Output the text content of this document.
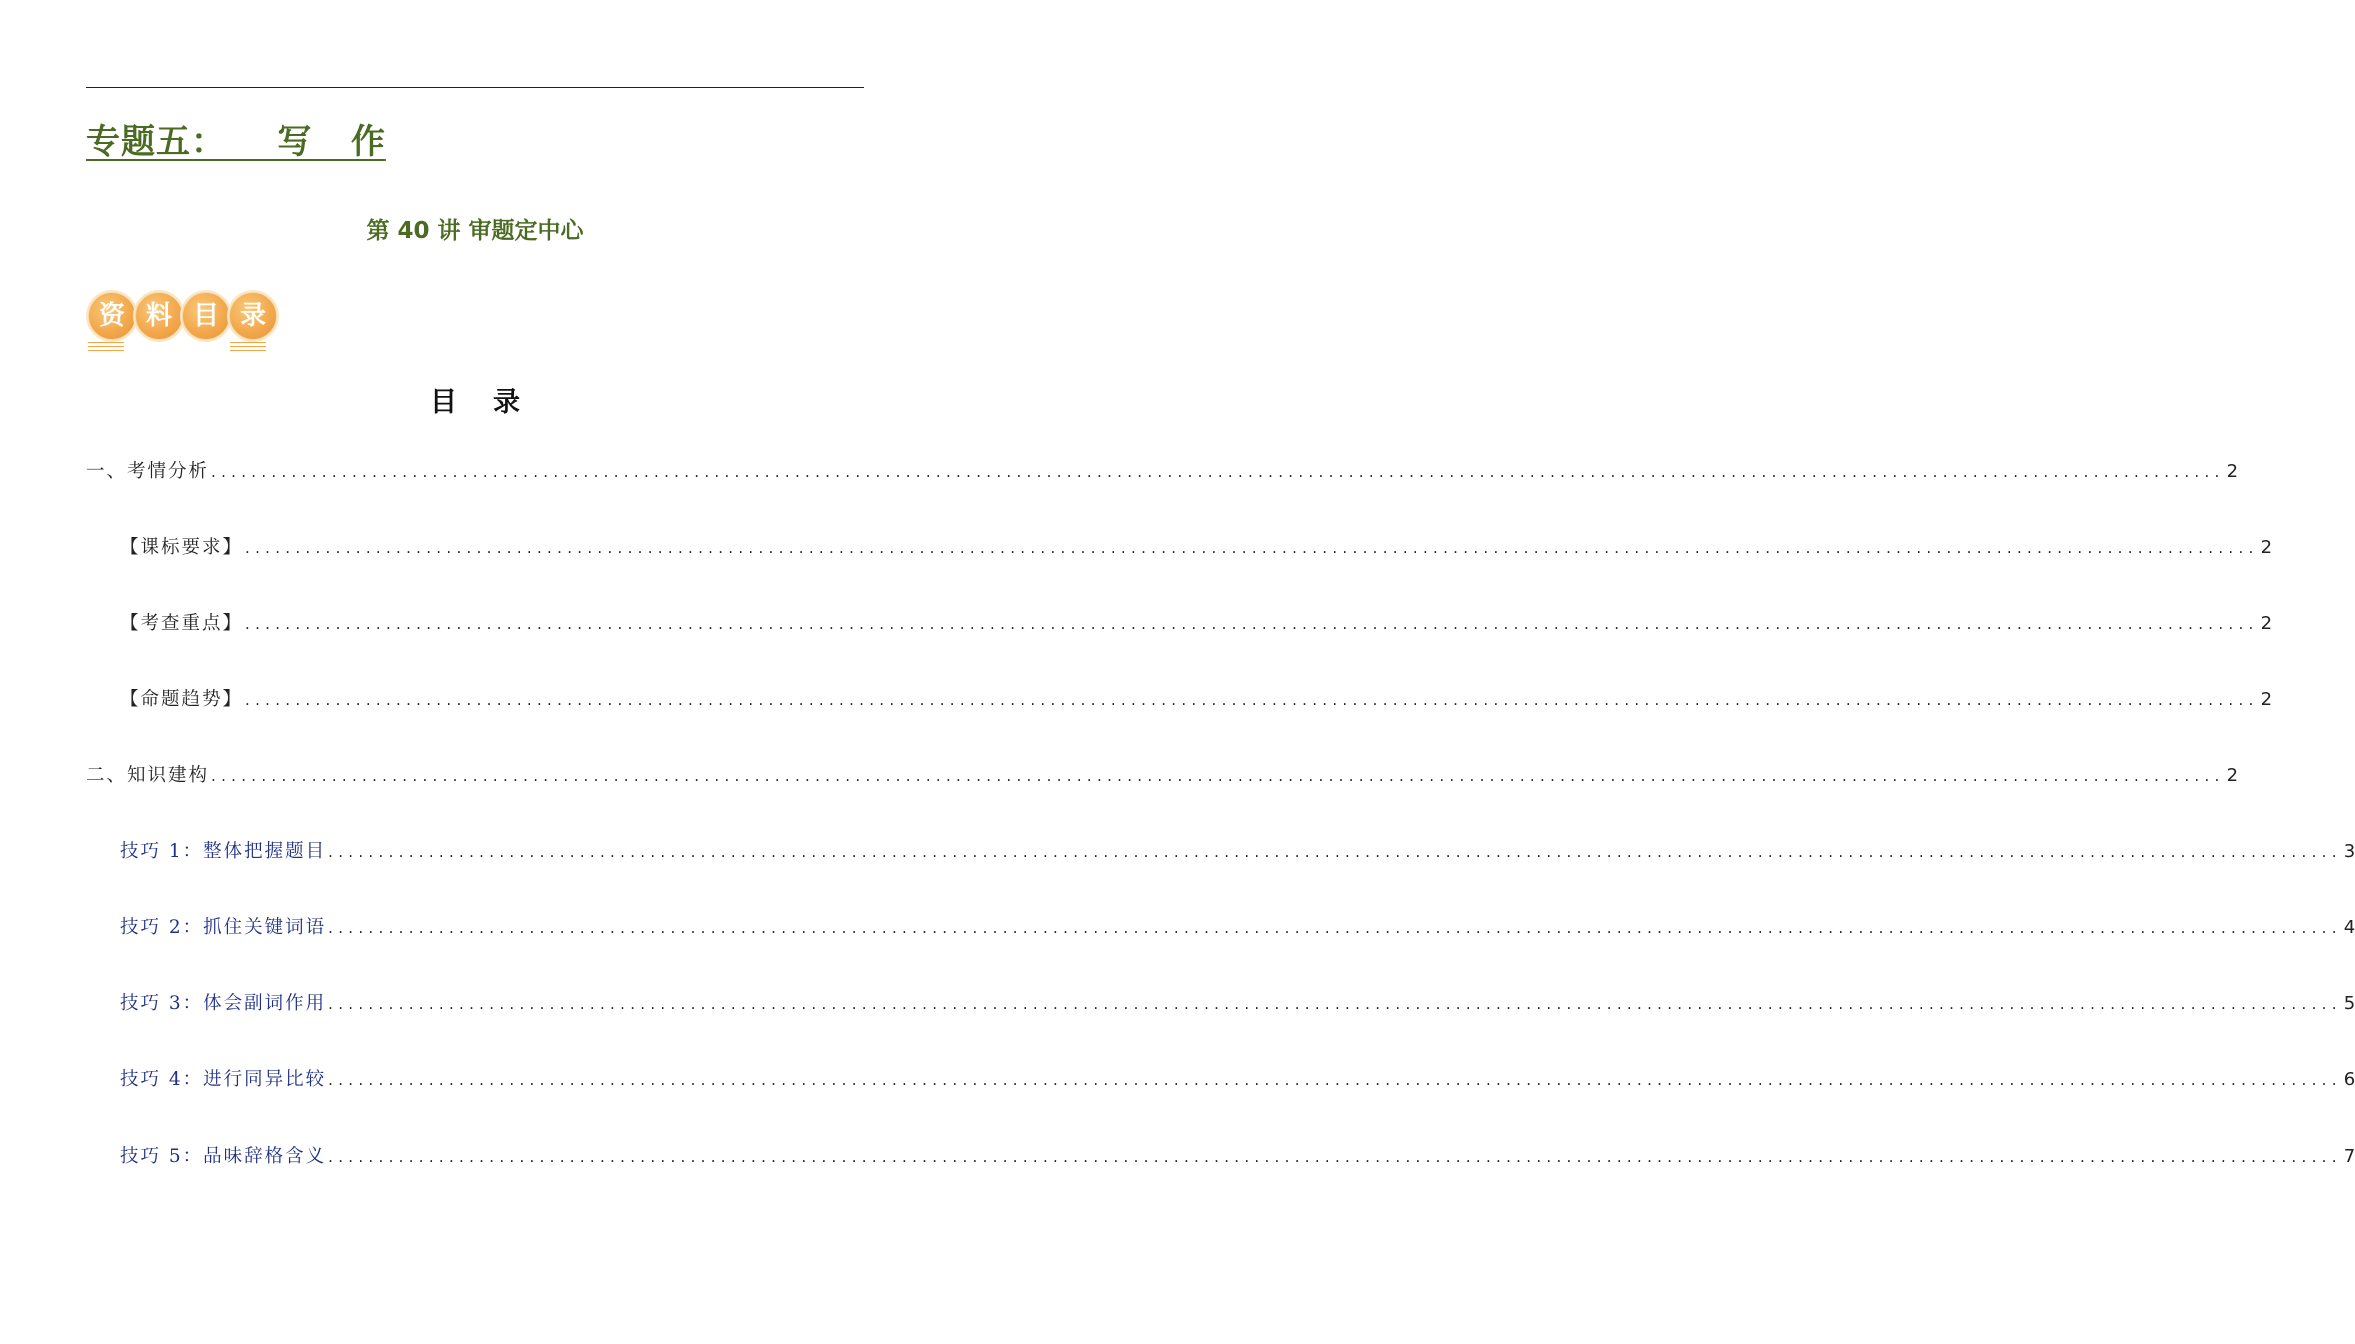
专题五：    写   作
第 40 讲 审题定中心
资 料 目 录
目录
一、考情分析 ........................................................................................................................................................................................................ 2
【课标要求】 ........................................................................................................................................................................................................ 2
【考查重点】 ........................................................................................................................................................................................................ 2
【命题趋势】 ........................................................................................................................................................................................................ 2
二、知识建构 ........................................................................................................................................................................................................ 2
技巧 1：整体把握题目 ........................................................................................................................................................................................................ 3
技巧 2：抓住关键词语 ........................................................................................................................................................................................................ 4
技巧 3：体会副词作用 ........................................................................................................................................................................................................ 5
技巧 4：进行同异比较 ........................................................................................................................................................................................................ 6
技巧 5：品味辞格含义 ........................................................................................................................................................................................................ 7
